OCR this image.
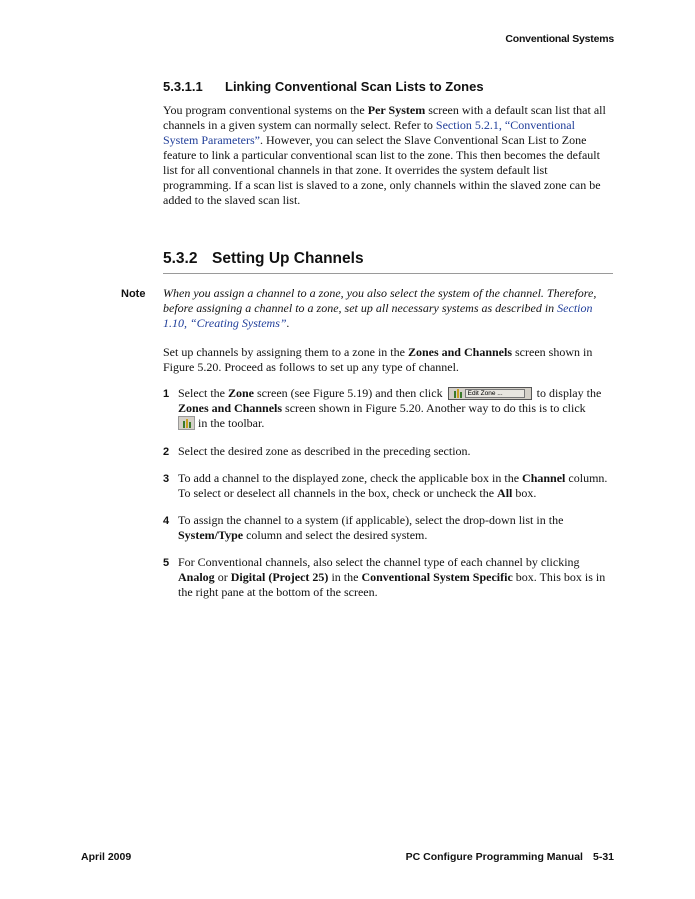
Conventional Systems
5.3.1.1 Linking Conventional Scan Lists to Zones
You program conventional systems on the Per System screen with a default scan list that all channels in a given system can normally select. Refer to Section 5.2.1, “Conventional System Parameters”. However, you can select the Slave Conventional Scan List to Zone feature to link a particular conventional scan list to the zone. This then becomes the default list for all conventional channels in that zone. It overrides the system default list programming. If a scan list is slaved to a zone, only channels within the slaved zone can be added to the slaved scan list.
5.3.2 Setting Up Channels
Note When you assign a channel to a zone, you also select the system of the channel. Therefore, before assigning a channel to a zone, set up all necessary systems as described in Section 1.10, “Creating Systems”.
Set up channels by assigning them to a zone in the Zones and Channels screen shown in Figure 5.20. Proceed as follows to set up any type of channel.
1 Select the Zone screen (see Figure 5.19) and then click	Edit Zone ...	to display the Zones and Channels screen shown in Figure 5.20. Another way to do this is to click

in the toolbar.
2 Select the desired zone as described in the preceding section.
3 To add a channel to the displayed zone, check the applicable box in the Channel column. To select or deselect all channels in the box, check or uncheck the All box.
4 To assign the channel to a system (if applicable), select the drop-down list in the System/Type column and select the desired system.
5 For Conventional channels, also select the channel type of each channel by clicking Analog or Digital (Project 25) in the Conventional System Specific box. This box is in the right pane at the bottom of the screen.
April 2009	PC Configure Programming Manual 5-31
